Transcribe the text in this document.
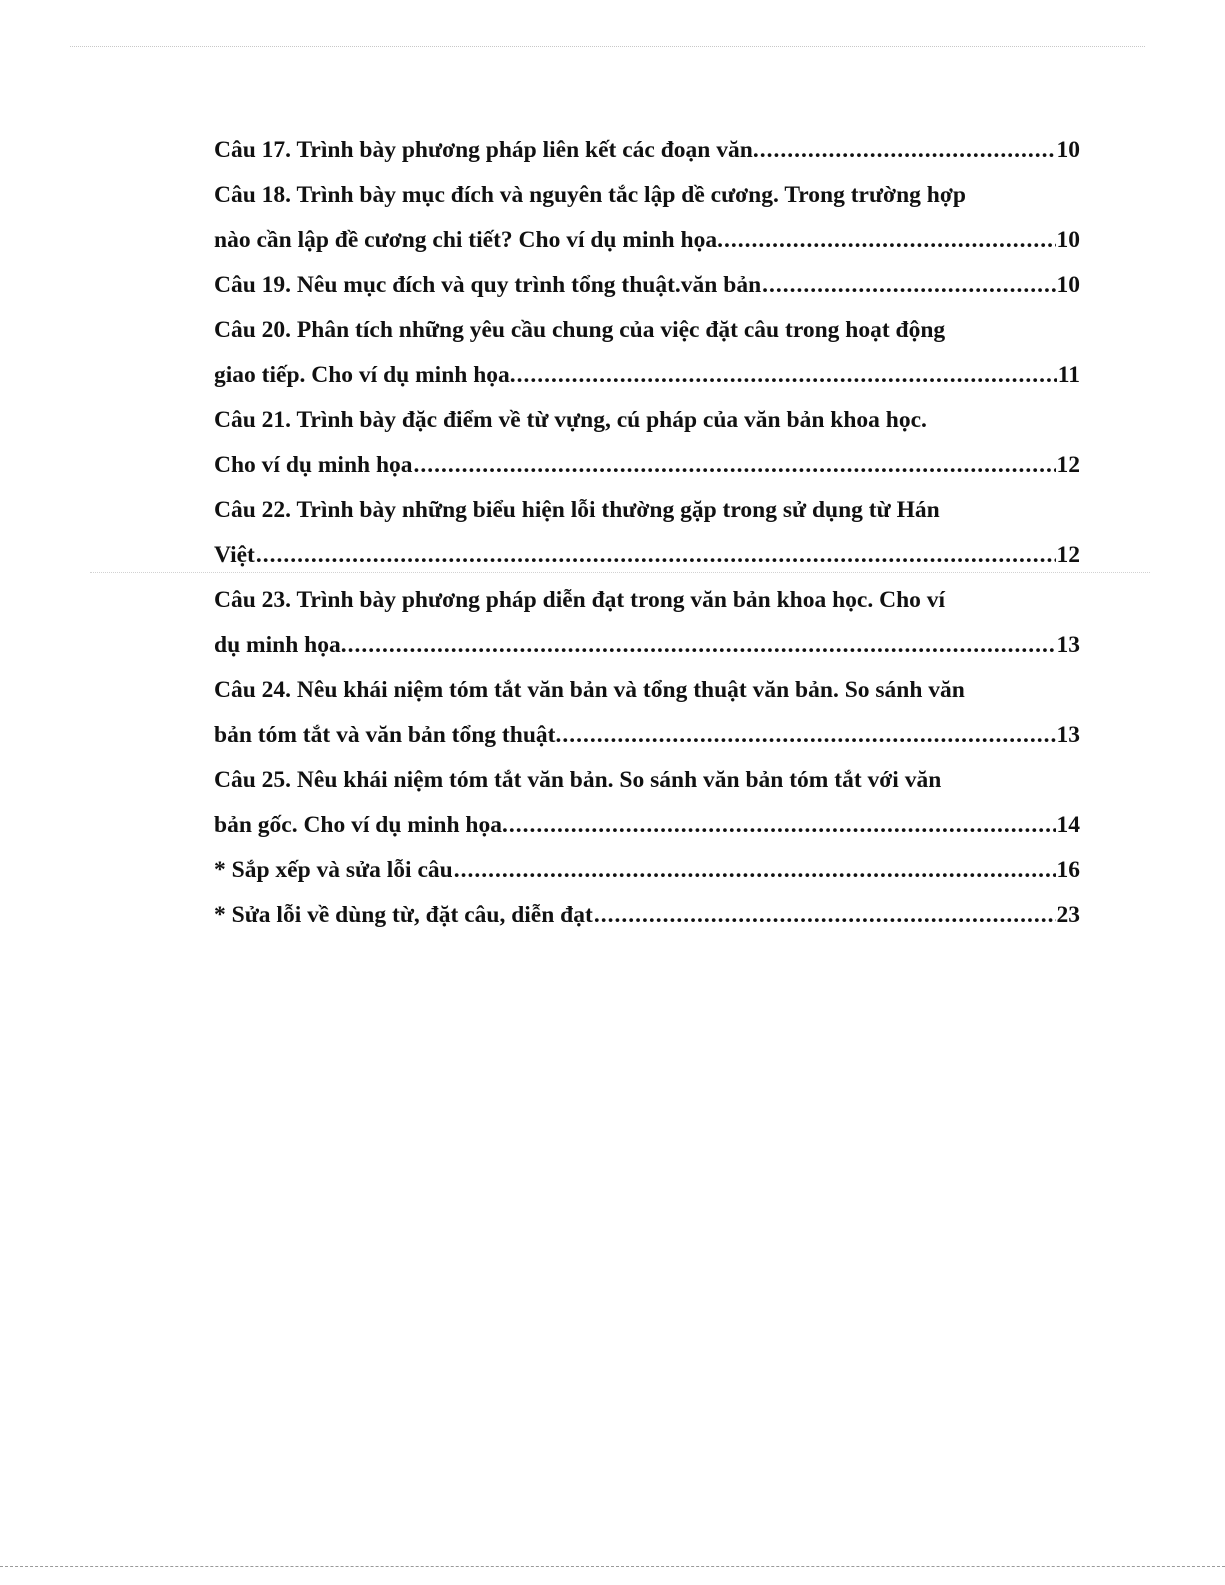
Câu 17. Trình bày phương pháp liên kết các đoạn văn. .....	10
Câu 18. Trình bày mục đích và nguyên tắc lập dề cương. Trong trường hợp
nào cần lập đề cương chi tiết? Cho ví dụ minh họa. .....	10
Câu 19. Nêu mục đích và quy trình tổng thuật.văn bản .....	10
Câu 20. Phân tích những yêu cầu chung của việc đặt câu trong hoạt động
giao tiếp. Cho ví dụ minh họa. .....	11
Câu 21. Trình bày đặc điểm về từ vựng, cú pháp của văn bản khoa học.
Cho ví dụ minh họa .....	12
Câu 22. Trình bày những biểu hiện lỗi thường gặp trong sử dụng từ Hán
Việt .....	12
Câu 23. Trình bày phương pháp diễn đạt trong văn bản khoa học. Cho ví
dụ minh họa. .....	13
Câu 24. Nêu khái niệm tóm tắt văn bản và tổng thuật văn bản. So sánh văn
bản tóm tắt và văn bản tổng thuật. .....	13
Câu 25. Nêu khái niệm tóm tắt văn bản. So sánh văn bản tóm tắt với văn
bản gốc. Cho ví dụ minh họa. .....	14
* Sắp xếp và sửa lỗi câu .....	16
* Sửa lỗi về dùng từ, đặt câu, diễn đạt .....	23
